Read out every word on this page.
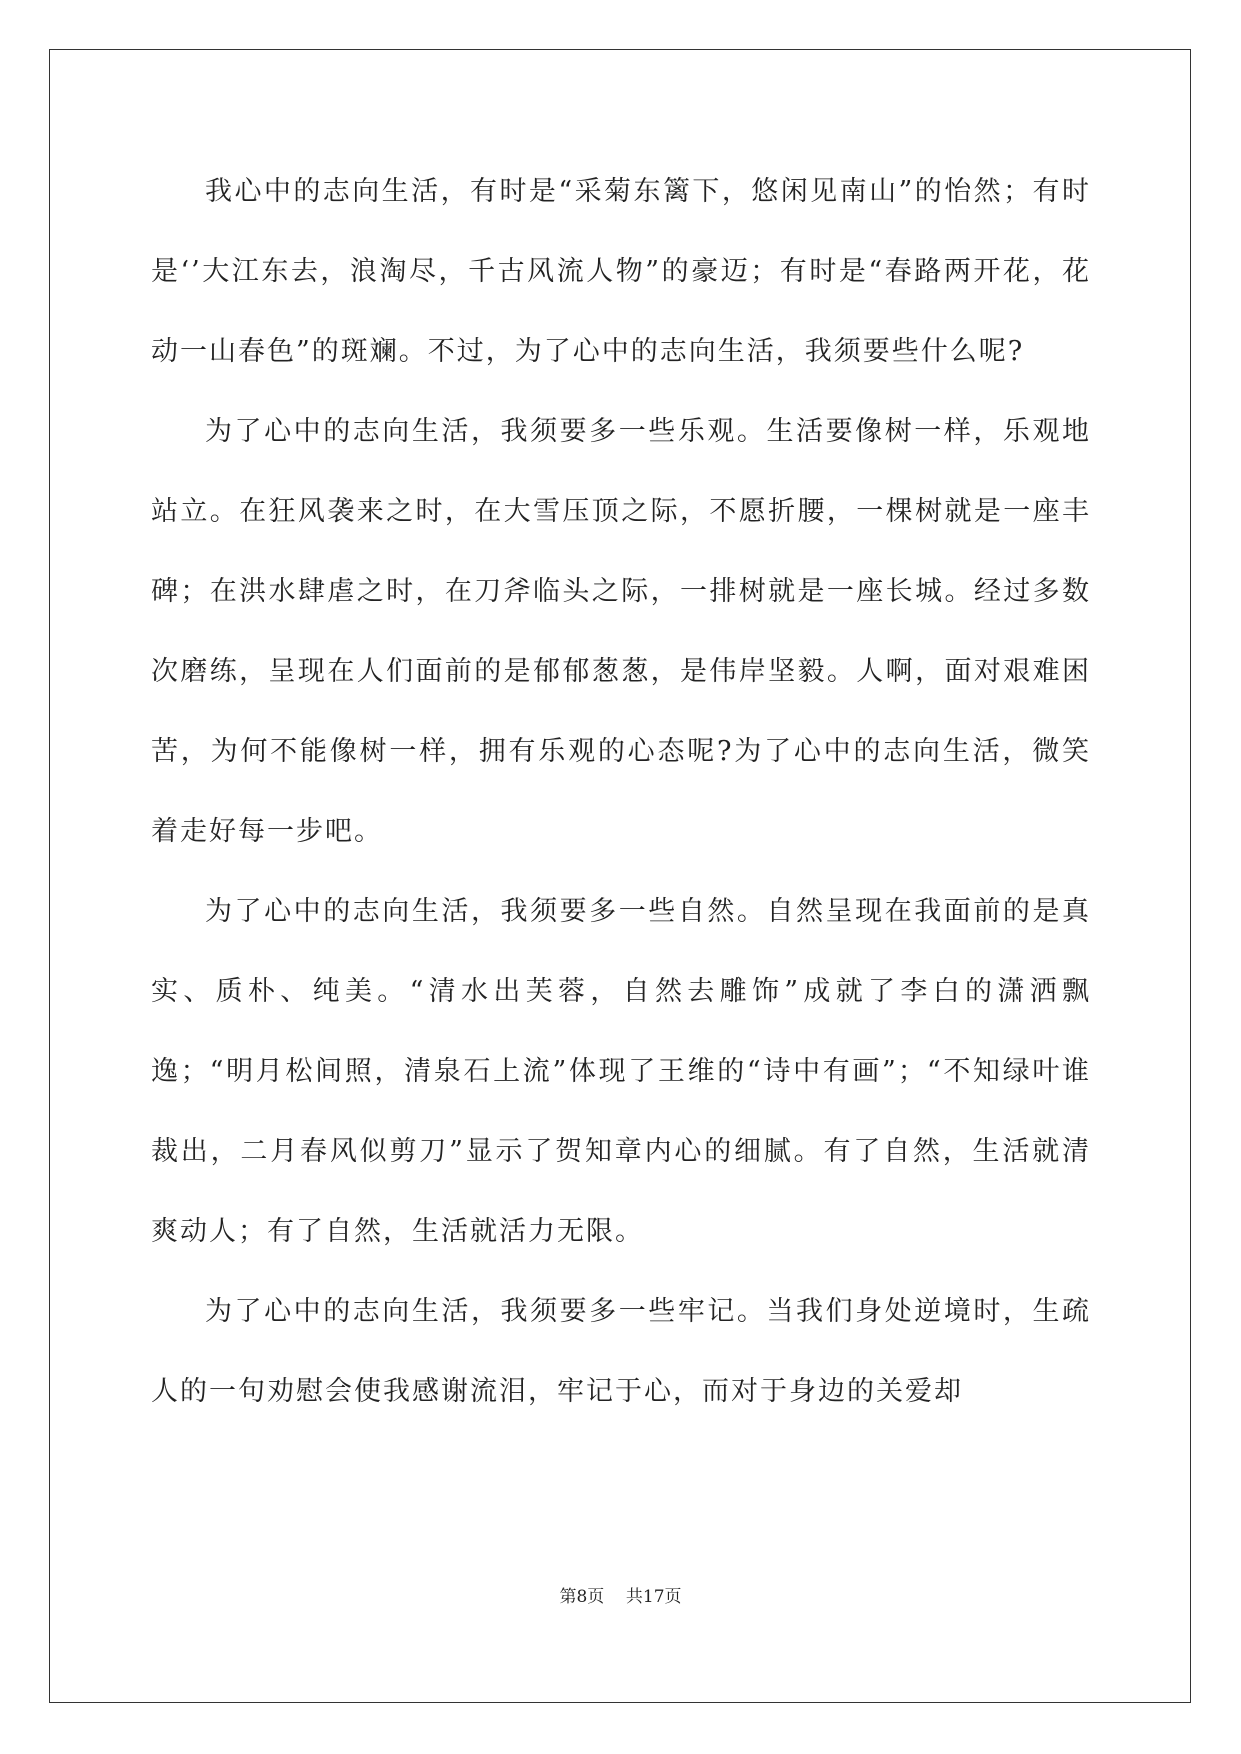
我心中的志向生活，有时是“采菊东篱下，悠闲见南山”的怡然；有时是‘’大江东去，浪淘尽，千古风流人物”的豪迈；有时是“春路两开花，花动一山春色”的斑斓。不过，为了心中的志向生活，我须要些什么呢?

为了心中的志向生活，我须要多一些乐观。生活要像树一样，乐观地站立。在狂风袭来之时，在大雪压顶之际，不愿折腰，一棵树就是一座丰碑；在洪水肆虐之时，在刀斧临头之际，一排树就是一座长城。经过多数次磨练，呈现在人们面前的是郁郁葱葱，是伟岸坚毅。人啊，面对艰难困苦，为何不能像树一样，拥有乐观的心态呢?为了心中的志向生活，微笑着走好每一步吧。

为了心中的志向生活，我须要多一些自然。自然呈现在我面前的是真实、质朴、纯美。“清水出芙蓉，自然去雕饰”成就了李白的潇洒飘逸；“明月松间照，清泉石上流”体现了王维的“诗中有画”；“不知绿叶谁裁出，二月春风似剪刀”显示了贺知章内心的细腻。有了自然，生活就清爽动人；有了自然，生活就活力无限。

为了心中的志向生活，我须要多一些牢记。当我们身处逆境时，生疏人的一句劝慰会使我感谢流泪，牢记于心，而对于身边的关爱却

第8页 共17页
